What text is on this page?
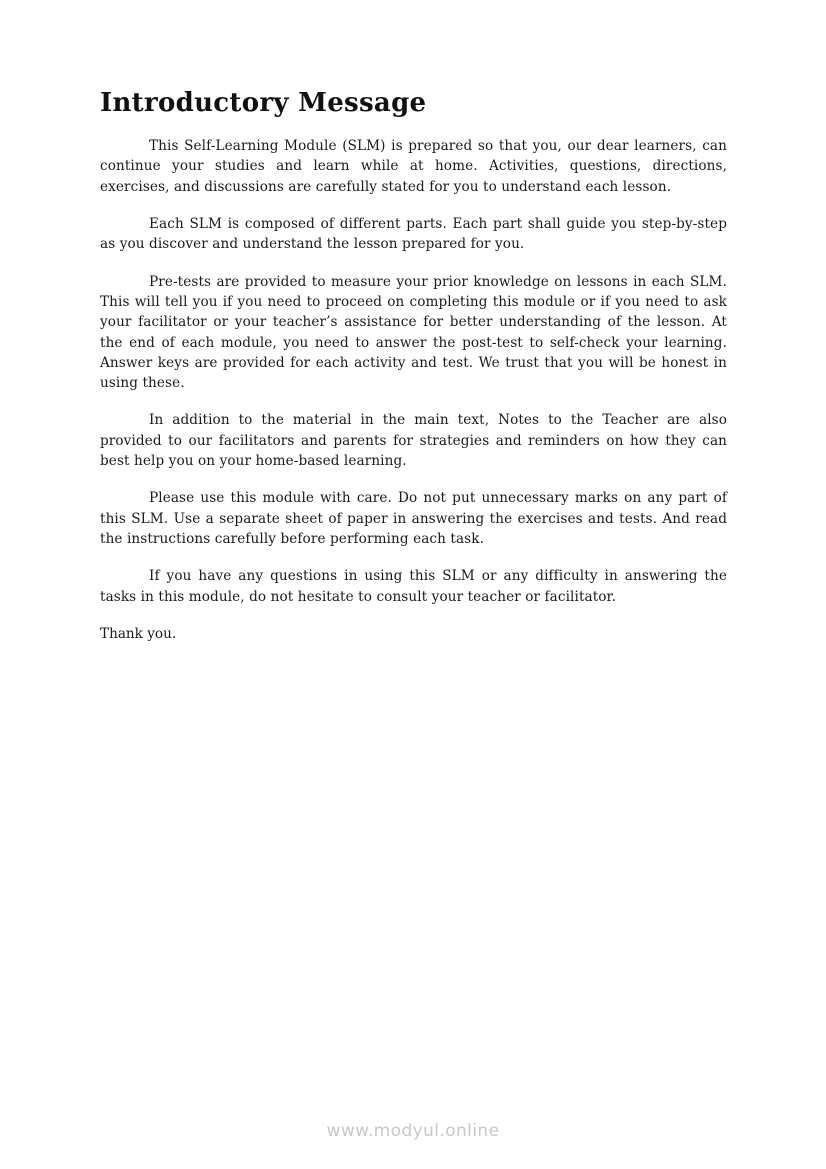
Introductory Message

This Self-Learning Module (SLM) is prepared so that you, our dear learners, can continue your studies and learn while at home. Activities, questions, directions, exercises, and discussions are carefully stated for you to understand each lesson.

Each SLM is composed of different parts. Each part shall guide you step-by-step as you discover and understand the lesson prepared for you.

Pre-tests are provided to measure your prior knowledge on lessons in each SLM. This will tell you if you need to proceed on completing this module or if you need to ask your facilitator or your teacher’s assistance for better understanding of the lesson. At the end of each module, you need to answer the post-test to self-check your learning. Answer keys are provided for each activity and test. We trust that you will be honest in using these.

In addition to the material in the main text, Notes to the Teacher are also provided to our facilitators and parents for strategies and reminders on how they can best help you on your home-based learning.

Please use this module with care. Do not put unnecessary marks on any part of this SLM. Use a separate sheet of paper in answering the exercises and tests. And read the instructions carefully before performing each task.

If you have any questions in using this SLM or any difficulty in answering the tasks in this module, do not hesitate to consult your teacher or facilitator.

Thank you.

www.modyul.online
